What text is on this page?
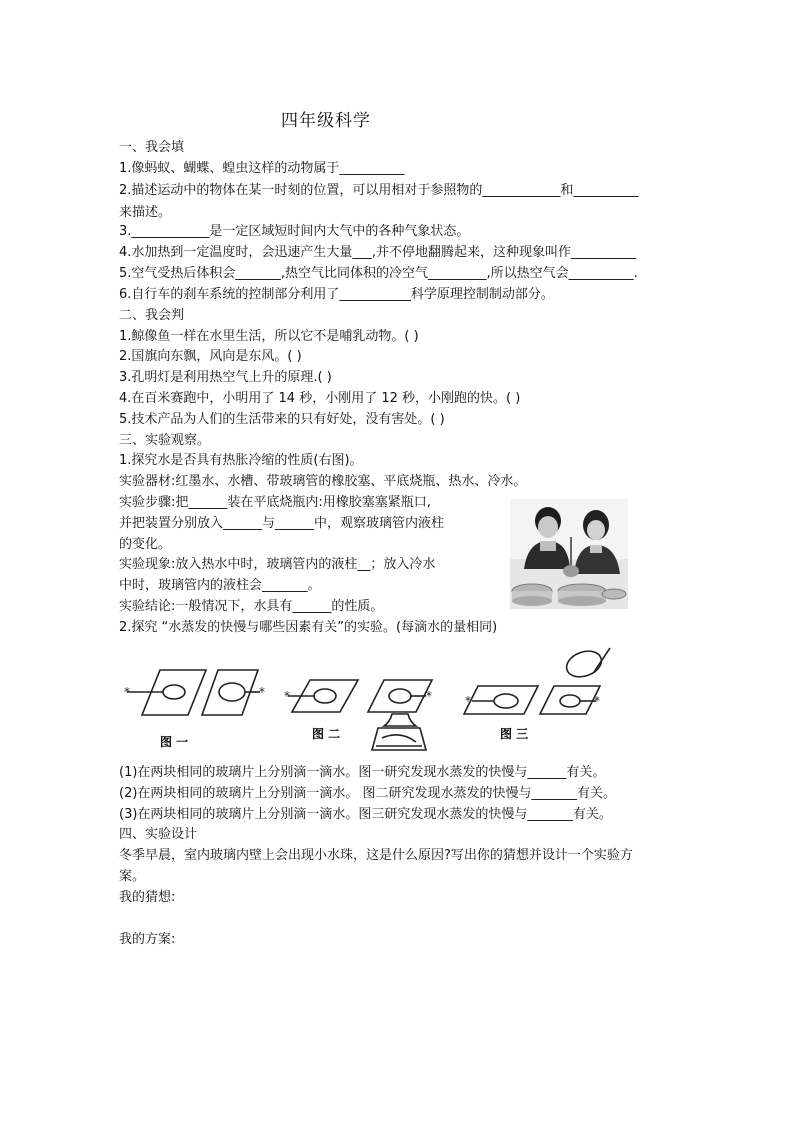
四年级科学
一、我会填
1.像蚂蚁、蝴蝶、蝗虫这样的动物属于__________
2.描述运动中的物体在某一时刻的位置，可以用相对于参照物的____________和__________
来描述。
3.____________是一定区域短时间内大气中的各种气象状态。
4.水加热到一定温度时，会迅速产生大量___,并不停地翻腾起来，这种现象叫作__________
5.空气受热后体积会_______,热空气比同体积的冷空气_________,所以热空气会__________.
6.自行车的刹车系统的控制部分利用了___________科学原理控制制动部分。
二、我会判
1.鲸像鱼一样在水里生活，所以它不是哺乳动物。( )
2.国旗向东飘，风向是东风。( )
3.孔明灯是利用热空气上升的原理.( )
4.在百米赛跑中，小明用了 14 秒，小刚用了 12 秒，小刚跑的快。( )
5.技术产品为人们的生活带来的只有好处，没有害处。( )
三、实验观察。
1.探究水是否具有热胀冷缩的性质(右图)。
实验器材:红墨水、水槽、带玻璃管的橡胶塞、平底烧瓶、热水、冷水。
实验步骤:把______装在平底烧瓶内:用橡胶塞塞紧瓶口,
并把装置分别放入______与______中，观察玻璃管内液柱
的变化。
实验现象:放入热水中时，玻璃管内的液柱__；放入冷水
中时，玻璃管内的液柱会_______。
实验结论:一般情况下，水具有______的性质。
2.探究 “水蒸发的快慢与哪些因素有关”的实验。(每滴水的量相同)
*	* *	*	*	*
图 一
图 二	图 三
(1)在两块相同的玻璃片上分别滴一滴水。图一研究发现水蒸发的快慢与______有关。
(2)在两块相同的玻璃片上分别滴一滴水。 图二研究发现水蒸发的快慢与_______有关。
(3)在两块相同的玻璃片上分别滴一滴水。图三研究发现水蒸发的快慢与_______有关。
四、实验设计
冬季早晨，室内玻璃内壁上会出现小水珠，这是什么原因?写出你的猜想并设计一个实验方
案。
我的猜想:
我的方案:
